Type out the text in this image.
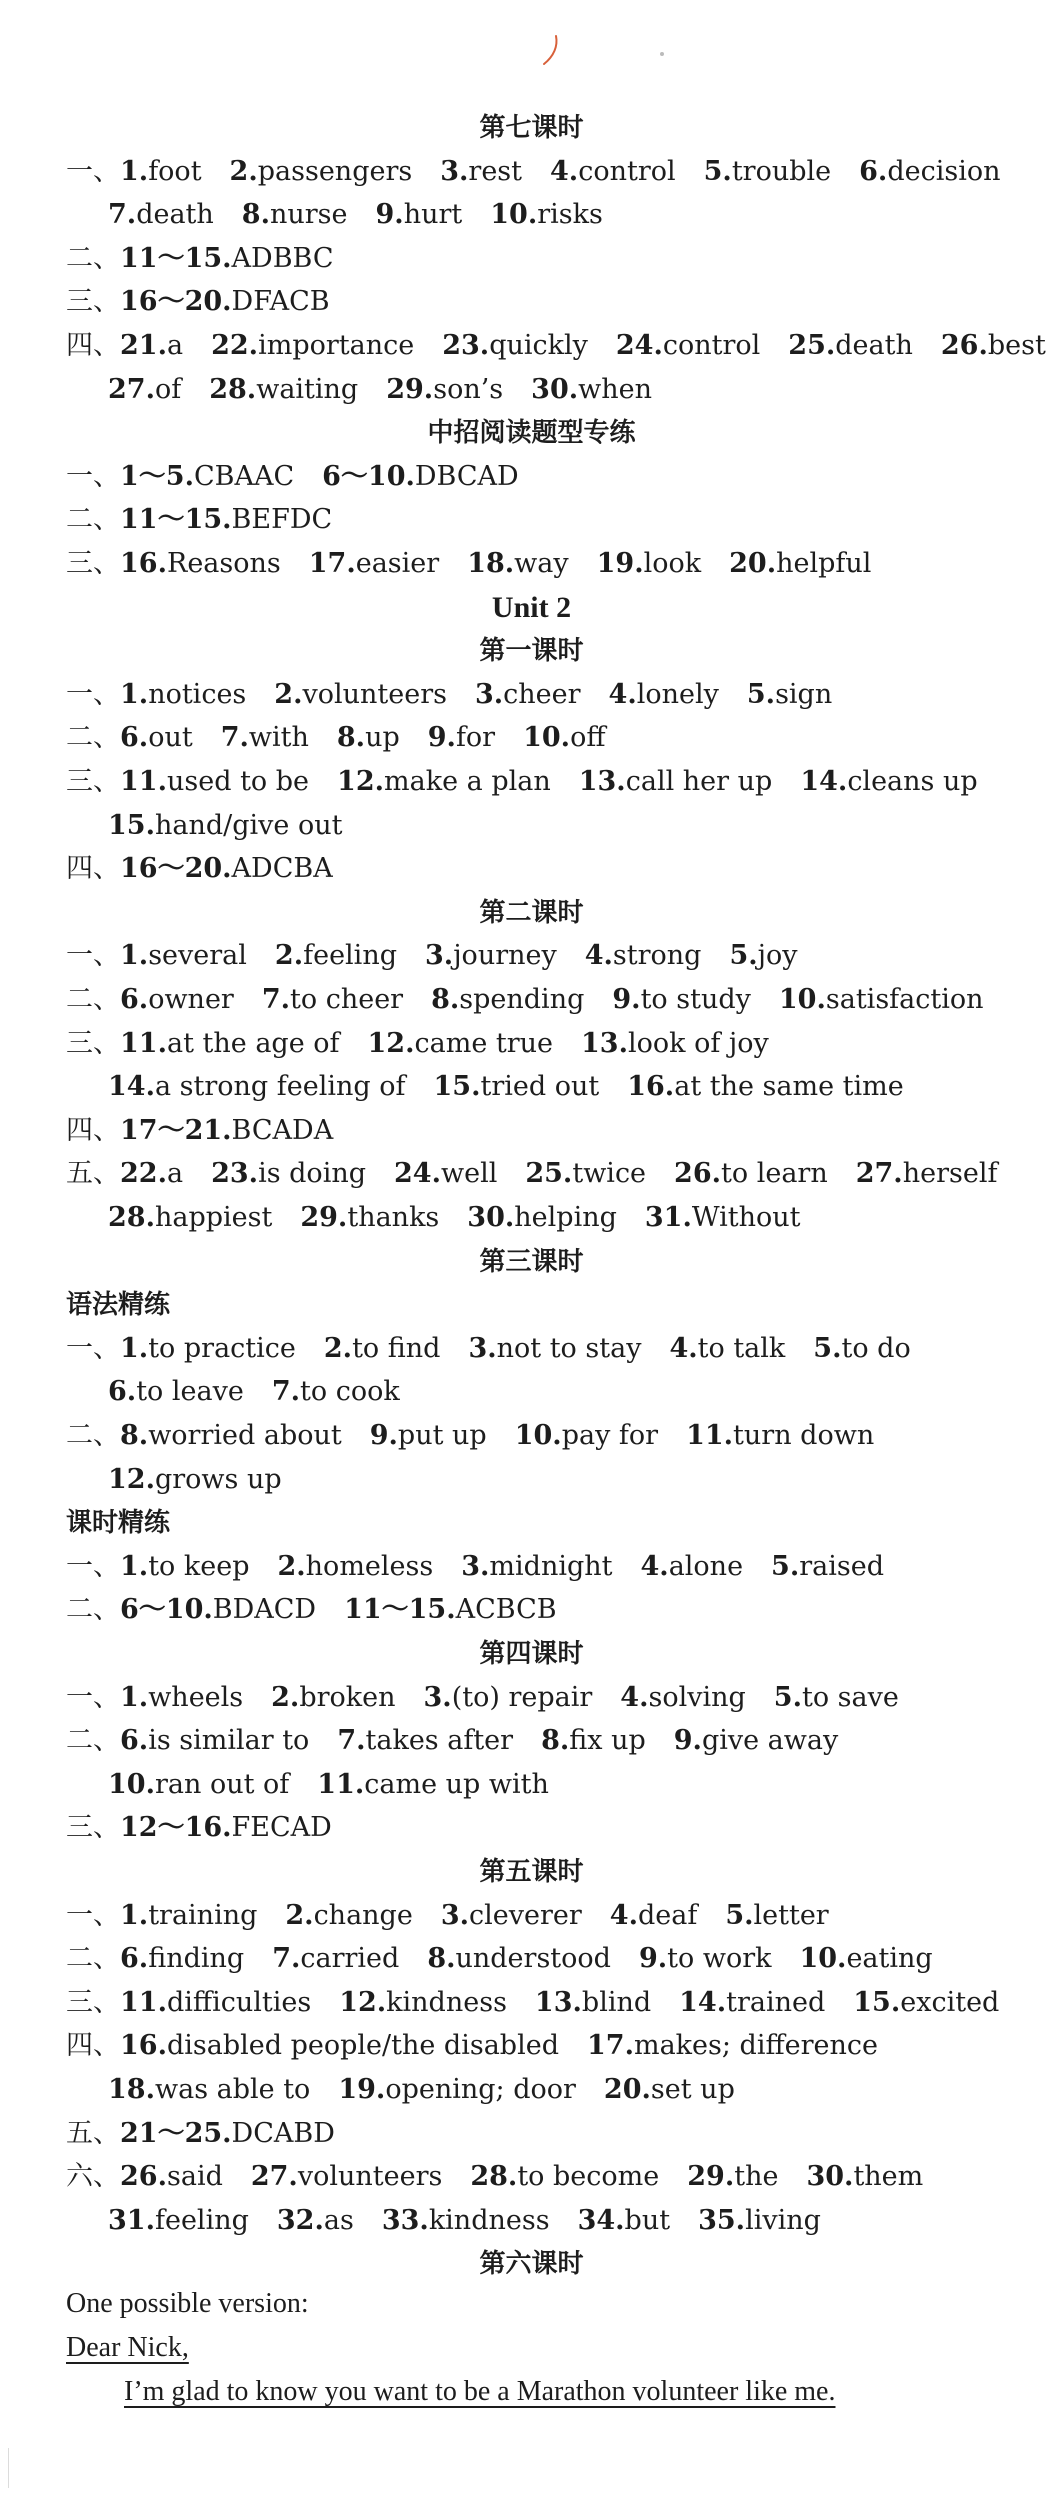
第七课时
一、1.foot 2.passengers 3.rest 4.control 5.trouble 6.decision
7.death 8.nurse 9.hurt 10.risks
二、11～15.ADBBC
三、16～20.DFACB
四、21.a 22.importance 23.quickly 24.control 25.death 26.best
27.of 28.waiting 29.son’s 30.when
中招阅读题型专练
一、1～5.CBAAC 6～10.DBCAD
二、11～15.BEFDC
三、16.Reasons 17.easier 18.way 19.look 20.helpful
Unit 2
第一课时
一、1.notices 2.volunteers 3.cheer 4.lonely 5.sign
二、6.out 7.with 8.up 9.for 10.off
三、11.used to be 12.make a plan 13.call her up 14.cleans up
15.hand/give out
四、16～20.ADCBA
第二课时
一、1.several 2.feeling 3.journey 4.strong 5.joy
二、6.owner 7.to cheer 8.spending 9.to study 10.satisfaction
三、11.at the age of 12.came true 13.look of joy
14.a strong feeling of 15.tried out 16.at the same time
四、17～21.BCADA
五、22.a 23.is doing 24.well 25.twice 26.to learn 27.herself
28.happiest 29.thanks 30.helping 31.Without
第三课时
语法精练
一、1.to practice 2.to find 3.not to stay 4.to talk 5.to do
6.to leave 7.to cook
二、8.worried about 9.put up 10.pay for 11.turn down
12.grows up
课时精练
一、1.to keep 2.homeless 3.midnight 4.alone 5.raised
二、6～10.BDACD 11～15.ACBCB
第四课时
一、1.wheels 2.broken 3.(to) repair 4.solving 5.to save
二、6.is similar to 7.takes after 8.fix up 9.give away
10.ran out of 11.came up with
三、12～16.FECAD
第五课时
一、1.training 2.change 3.cleverer 4.deaf 5.letter
二、6.finding 7.carried 8.understood 9.to work 10.eating
三、11.difficulties 12.kindness 13.blind 14.trained 15.excited
四、16.disabled people/the disabled 17.makes; difference
18.was able to 19.opening; door 20.set up
五、21～25.DCABD
六、26.said 27.volunteers 28.to become 29.the 30.them
31.feeling 32.as 33.kindness 34.but 35.living
第六课时
One possible version:
Dear Nick,
I’m glad to know you want to be a Marathon volunteer like me.
